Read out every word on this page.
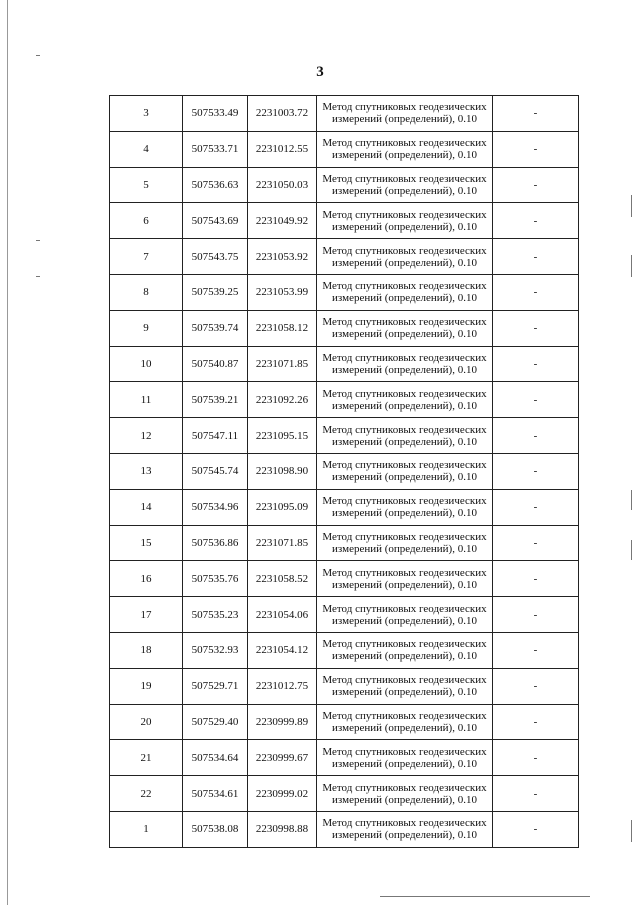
3
3	507533.49	2231003.72	Метод спутниковых геодезических
измерений (определений), 0.10	-
4	507533.71	2231012.55	Метод спутниковых геодезических
измерений (определений), 0.10	-
5	507536.63	2231050.03	Метод спутниковых геодезических
измерений (определений), 0.10	-
6	507543.69	2231049.92	Метод спутниковых геодезических
измерений (определений), 0.10	-
7	507543.75	2231053.92	Метод спутниковых геодезических
измерений (определений), 0.10	-
8	507539.25	2231053.99	Метод спутниковых геодезических
измерений (определений), 0.10	-
9	507539.74	2231058.12	Метод спутниковых геодезических
измерений (определений), 0.10	-
10	507540.87	2231071.85	Метод спутниковых геодезических
измерений (определений), 0.10	-
11	507539.21	2231092.26	Метод спутниковых геодезических
измерений (определений), 0.10	-
12	507547.11	2231095.15	Метод спутниковых геодезических
измерений (определений), 0.10	-
13	507545.74	2231098.90	Метод спутниковых геодезических
измерений (определений), 0.10	-
14	507534.96	2231095.09	Метод спутниковых геодезических
измерений (определений), 0.10	-
15	507536.86	2231071.85	Метод спутниковых геодезических
измерений (определений), 0.10	-
16	507535.76	2231058.52	Метод спутниковых геодезических
измерений (определений), 0.10	-
17	507535.23	2231054.06	Метод спутниковых геодезических
измерений (определений), 0.10	-
18	507532.93	2231054.12	Метод спутниковых геодезических
измерений (определений), 0.10	-
19	507529.71	2231012.75	Метод спутниковых геодезических
измерений (определений), 0.10	-
20	507529.40	2230999.89	Метод спутниковых геодезических
измерений (определений), 0.10	-
21	507534.64	2230999.67	Метод спутниковых геодезических
измерений (определений), 0.10	-
22	507534.61	2230999.02	Метод спутниковых геодезических
измерений (определений), 0.10	-
1	507538.08	2230998.88	Метод спутниковых геодезических
измерений (определений), 0.10	-
